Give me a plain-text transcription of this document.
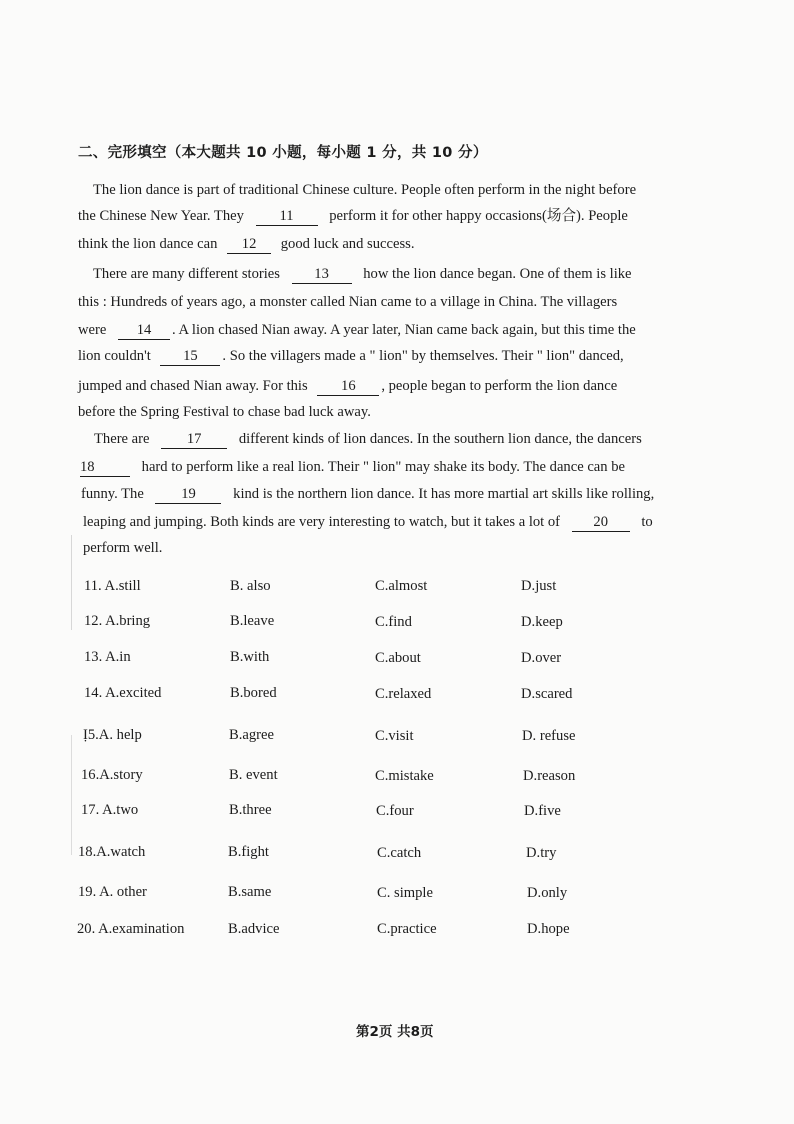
二、完形填空（本大题共 10 小题，每小题 1 分，共 10 分）
The lion dance is part of traditional Chinese culture. People often perform in the night before
the Chinese New Year. They 11 perform it for other happy occasions(场合). People
think the lion dance can 12 good luck and success.
There are many different stories 13 how the lion dance began. One of them is like
this : Hundreds of years ago, a monster called Nian came to a village in China. The villagers
were 14 . A lion chased Nian away. A year later, Nian came back again, but this time the
lion couldn't 15 . So the villagers made a " lion" by themselves. Their " lion" danced,
jumped and chased Nian away. For this 16 , people began to perform the lion dance
before the Spring Festival to chase bad luck away.
There are	17	different kinds of lion dances. In the southern lion dance, the dancers
18	hard to perform like a real lion. Their " lion" may shake its body. The dance can be
funny. The	19	kind is the northern lion dance. It has more martial art skills like rolling,
leaping and jumping. Both kinds are very interesting to watch, but it takes a lot of 20 to
perform well.
11. A.still	B. also	C.almost	D.just
12. A.bring	B.leave	C.find	D.keep
13. A.in	B.with	C.about	D.over
14. A.excited	B.bored	C.relaxed	D.scared
Ị5.A. help	B.agree	C.visit	D. refuse
16.A.story	B. event	C.mistake	D.reason
17. A.two	B.three	C.four	D.five
18.A.watch	B.fight	C.catch	D.try
19. A. other	B.same	C. simple	D.only
20. A.examination	B.advice	C.practice	D.hope
第2页 共8页
